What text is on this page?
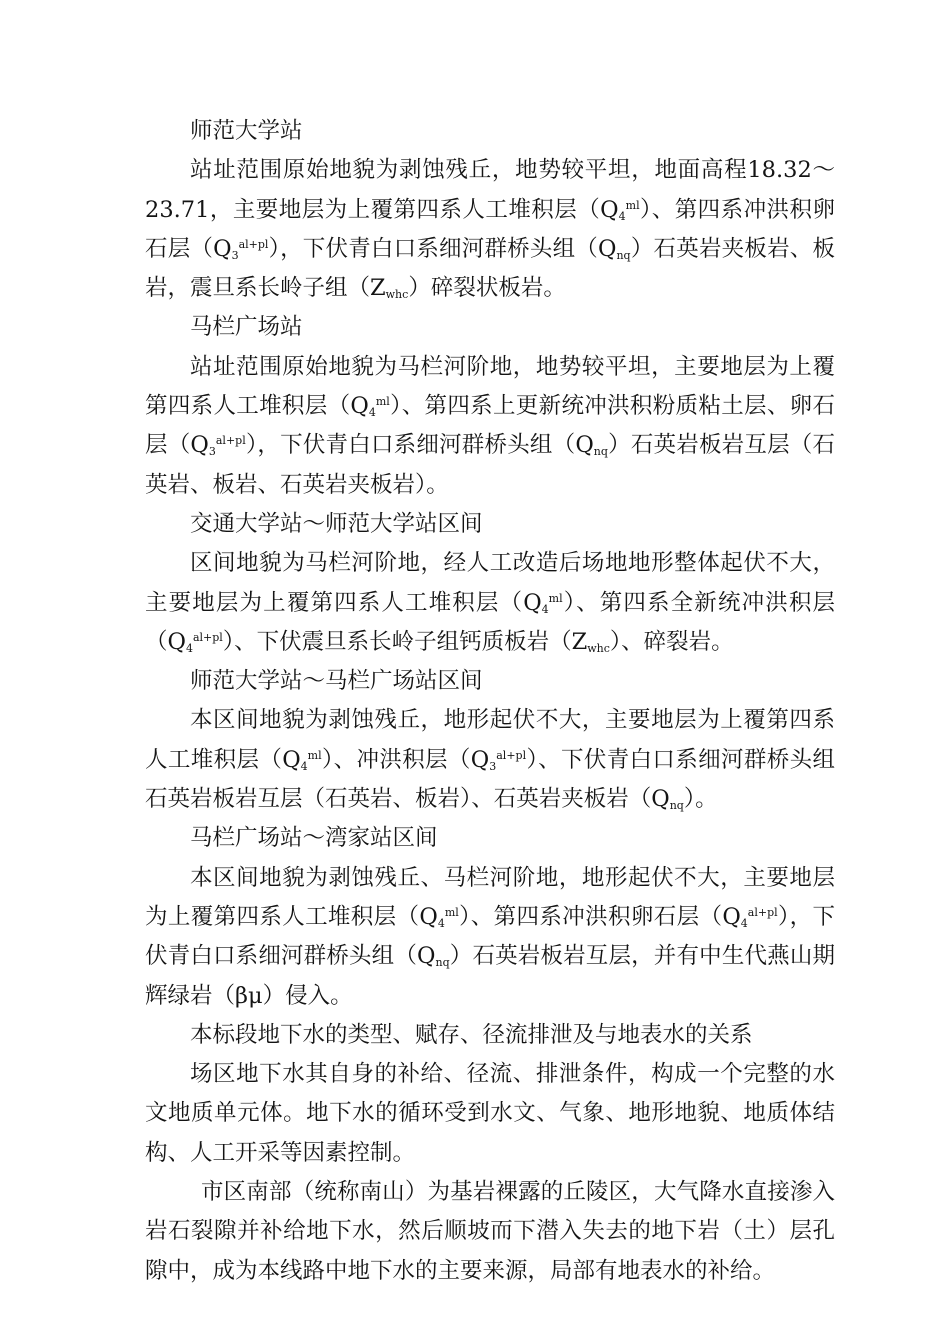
师范大学站

站址范围原始地貌为剥蚀残丘，地势较平坦，地面高程18.32～23.71，主要地层为上覆第四系人工堆积层$(Q_4^{ml})$、第四系冲洪积卵石层$(Q_3^{al+pl})$，下伏青白口系细河群桥头组$(Q_{nq})$石英岩夹板岩、板岩，震旦系长岭子组$(Z_{whc})$碎裂状板岩。

马栏广场站

站址范围原始地貌为马栏河阶地，地势较平坦，主要地层为上覆第四系人工堆积层$(Q_4^{ml})$、第四系上更新统冲洪积粉质粘土层、卵石层$(Q_3^{al+pl})$，下伏青白口系细河群桥头组$(Q_{nq})$石英岩板岩互层（石英岩、板岩、石英岩夹板岩）。

交通大学站～师范大学站区间

区间地貌为马栏河阶地，经人工改造后场地地形整体起伏不大，主要地层为上覆第四系人工堆积层$(Q_4^{ml})$、第四系全新统冲洪积层$(Q_4^{al+pl})$、下伏震旦系长岭子组钙质板岩$(Z_{whc})$、碎裂岩。

师范大学站～马栏广场站区间

本区间地貌为剥蚀残丘，地形起伏不大，主要地层为上覆第四系人工堆积层$(Q_4^{ml})$、冲洪积层$(Q_3^{al+pl})$、下伏青白口系细河群桥头组石英岩板岩互层（石英岩、板岩）、石英岩夹板岩$(Q_{nq})$。

马栏广场站～湾家站区间

本区间地貌为剥蚀残丘、马栏河阶地，地形起伏不大，主要地层为上覆第四系人工堆积层$(Q_4^{ml})$、第四系冲洪积卵石层$(Q_4^{al+pl})$，下伏青白口系细河群桥头组$(Q_{nq})$石英岩板岩互层，并有中生代燕山期辉绿岩（βμ）侵入。

本标段地下水的类型、赋存、径流排泄及与地表水的关系

场区地下水其自身的补给、径流、排泄条件，构成一个完整的水文地质单元体。地下水的循环受到水文、气象、地形地貌、地质体结构、人工开采等因素控制。

市区南部（统称南山）为基岩裸露的丘陵区，大气降水直接渗入岩石裂隙并补给地下水，然后顺坡而下潜入失去的地下岩（土）层孔隙中，成为本线路中地下水的主要来源，局部有地表水的补给。
